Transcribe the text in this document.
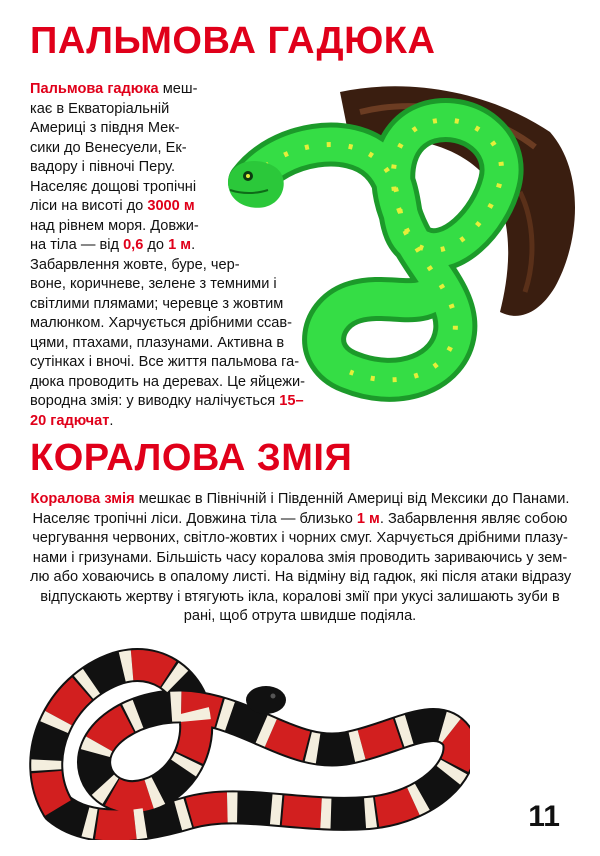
ПАЛЬМОВА ГАДЮКА
Пальмова гадюка меш-
кає в Екваторіальній
Америці з півдня Мек-
сики до Венесуели, Ек-
вадору і півночі Перу.
Населяє дощові тропічні
ліси на висоті до 3000 м
над рівнем моря. Довжи-
на тіла — від 0,6 до 1 м.
Забарвлення жовте, буре, чер-
воне, коричневе, зелене з темними і
світлими плямами; черевце з жовтим
малюнком. Харчується дрібними ссав-
цями, птахами, плазунами. Активна в
сутінках і вночі. Все життя пальмова га-
дюка проводить на деревах. Це яйцежи-
вородна змія: у виводку налічується 15–
20 гадючат.
КОРАЛОВА ЗМІЯ
Коралова змія мешкає в Північній і Південній Америці від Мексики до Панами.
Населяє тропічні ліси. Довжина тіла — близько 1 м. Забарвлення являє собою
чергування червоних, світло-жовтих і чорних смуг. Харчується дрібними плазу-
нами і гризунами. Більшість часу коралова змія проводить зариваючись у зем-
лю або ховаючись в опалому листі. На відміну від гадюк, які після атаки відразу
відпускають жертву і втягують ікла, коралові змії при укусі залишають зуби в
рані, щоб отрута швидше подіяла.
11
